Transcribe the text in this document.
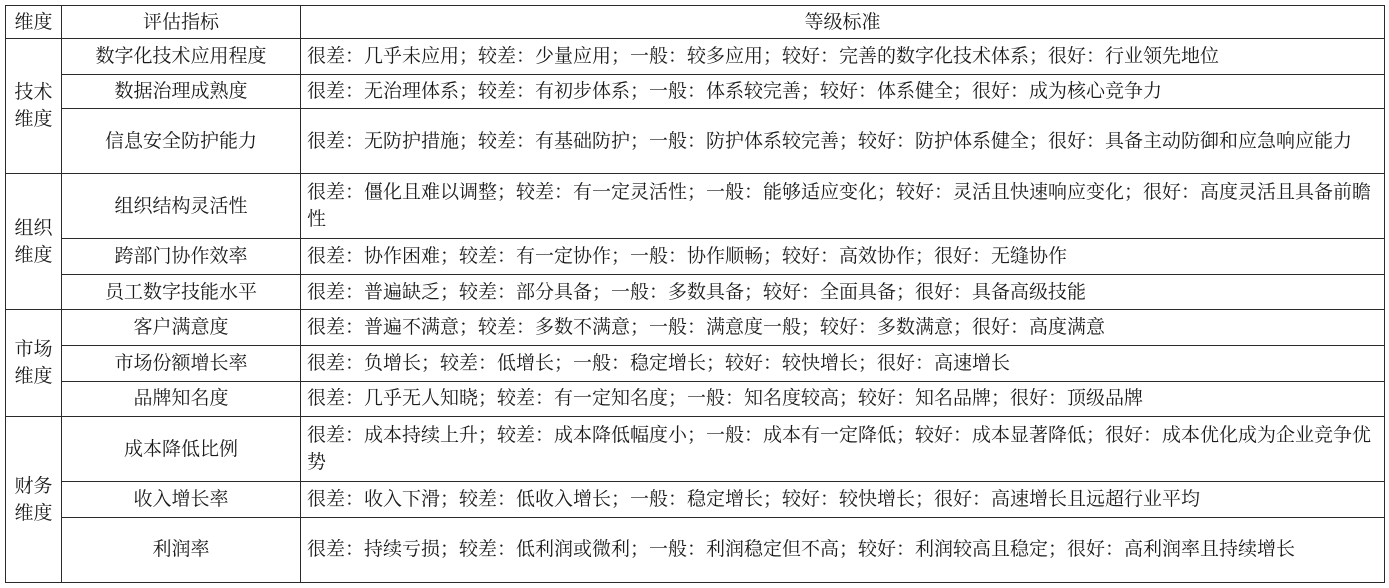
维度	评估指标	等级标准
技术维度	数字化技术应用程度	很差：几乎未应用；较差：少量应用；一般：较多应用；较好：完善的数字化技术体系；很好：行业领先地位
	数据治理成熟度	很差：无治理体系；较差：有初步体系；一般：体系较完善；较好：体系健全；很好：成为核心竞争力
	信息安全防护能力	很差：无防护措施；较差：有基础防护；一般：防护体系较完善；较好：防护体系健全；很好：具备主动防御和应急响应能力
组织维度	组织结构灵活性	很差：僵化且难以调整；较差：有一定灵活性；一般：能够适应变化；较好：灵活且快速响应变化；很好：高度灵活且具备前瞻性
	跨部门协作效率	很差：协作困难；较差：有一定协作；一般：协作顺畅；较好：高效协作；很好：无缝协作
	员工数字技能水平	很差：普遍缺乏；较差：部分具备；一般：多数具备；较好：全面具备；很好：具备高级技能
市场维度	客户满意度	很差：普遍不满意；较差：多数不满意；一般：满意度一般；较好：多数满意；很好：高度满意
	市场份额增长率	很差：负增长；较差：低增长；一般：稳定增长；较好：较快增长；很好：高速增长
	品牌知名度	很差：几乎无人知晓；较差：有一定知名度；一般：知名度较高；较好：知名品牌；很好：顶级品牌
财务维度	成本降低比例	很差：成本持续上升；较差：成本降低幅度小；一般：成本有一定降低；较好：成本显著降低；很好：成本优化成为企业竞争优势
	收入增长率	很差：收入下滑；较差：低收入增长；一般：稳定增长；较好：较快增长；很好：高速增长且远超行业平均
	利润率	很差：持续亏损；较差：低利润或微利；一般：利润稳定但不高；较好：利润较高且稳定；很好：高利润率且持续增长
